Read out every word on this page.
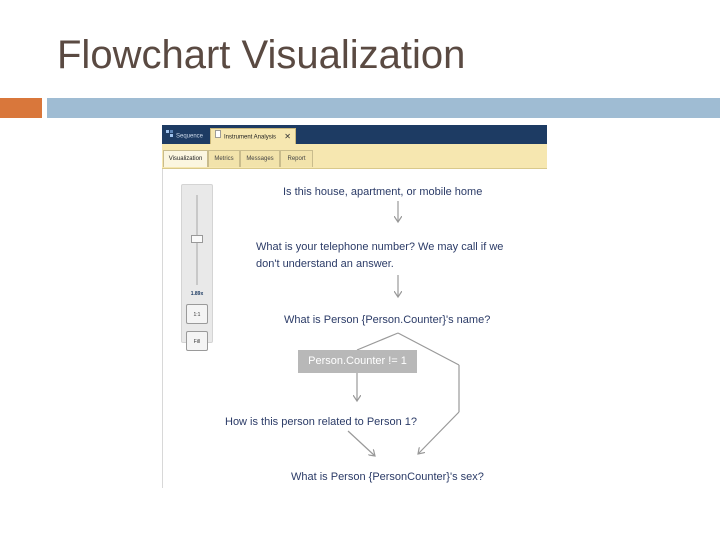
Flowchart Visualization
Sequence	Instrument Analysis ✕
Visualization	Metrics	Messages	Report
1.89x
1:1
Fill
Is this house, apartment, or mobile home
What is your telephone number? We may call if we
don't understand an answer.
What is Person {Person.Counter}'s name?
Person.Counter != 1
How is this person related to Person 1?
What is Person {PersonCounter}'s sex?
